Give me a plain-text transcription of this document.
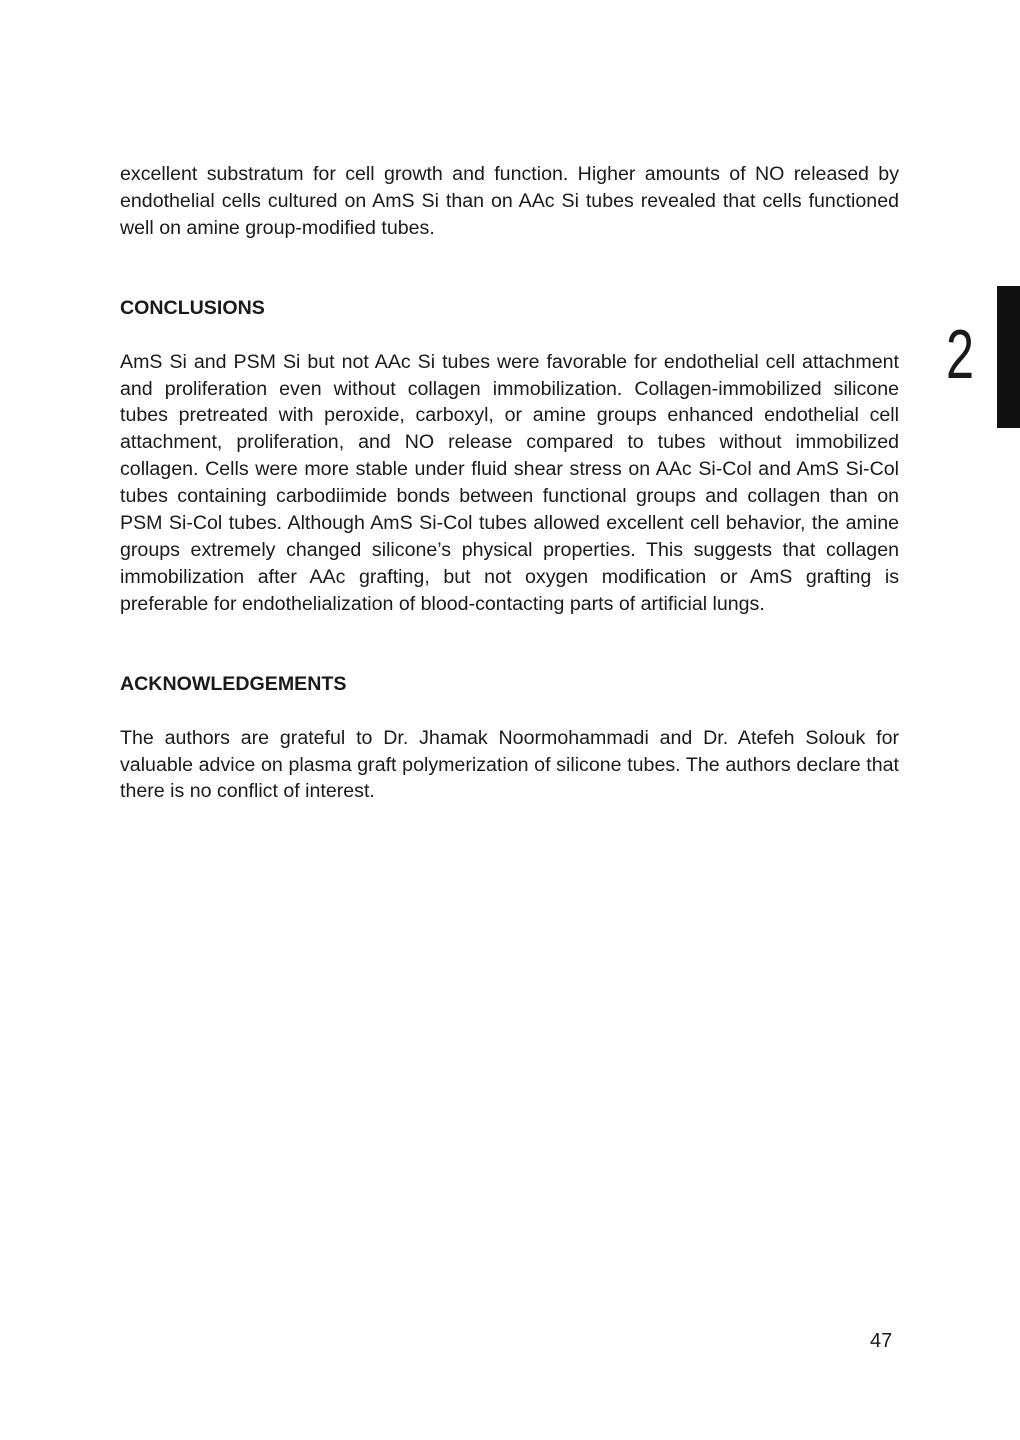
excellent substratum for cell growth and function. Higher amounts of NO released by endothelial cells cultured on AmS Si than on AAc Si tubes revealed that cells functioned well on amine group-modified tubes.

CONCLUSIONS

AmS Si and PSM Si but not AAc Si tubes were favorable for endothelial cell attachment and proliferation even without collagen immobilization. Collagen-immobilized silicone tubes pretreated with peroxide, carboxyl, or amine groups enhanced endothelial cell attachment, proliferation, and NO release compared to tubes without immobilized collagen. Cells were more stable under fluid shear stress on AAc Si-Col and AmS Si-Col tubes containing carbodiimide bonds between functional groups and collagen than on PSM Si-Col tubes. Although AmS Si-Col tubes allowed excellent cell behavior, the amine groups extremely changed silicone’s physical properties. This suggests that collagen immobilization after AAc grafting, but not oxygen modification or AmS grafting is preferable for endothelialization of blood-contacting parts of artificial lungs.

ACKNOWLEDGEMENTS

The authors are grateful to Dr. Jhamak Noormohammadi and Dr. Atefeh Solouk for valuable advice on plasma graft polymerization of silicone tubes. The authors declare that there is no conflict of interest.

2
47
